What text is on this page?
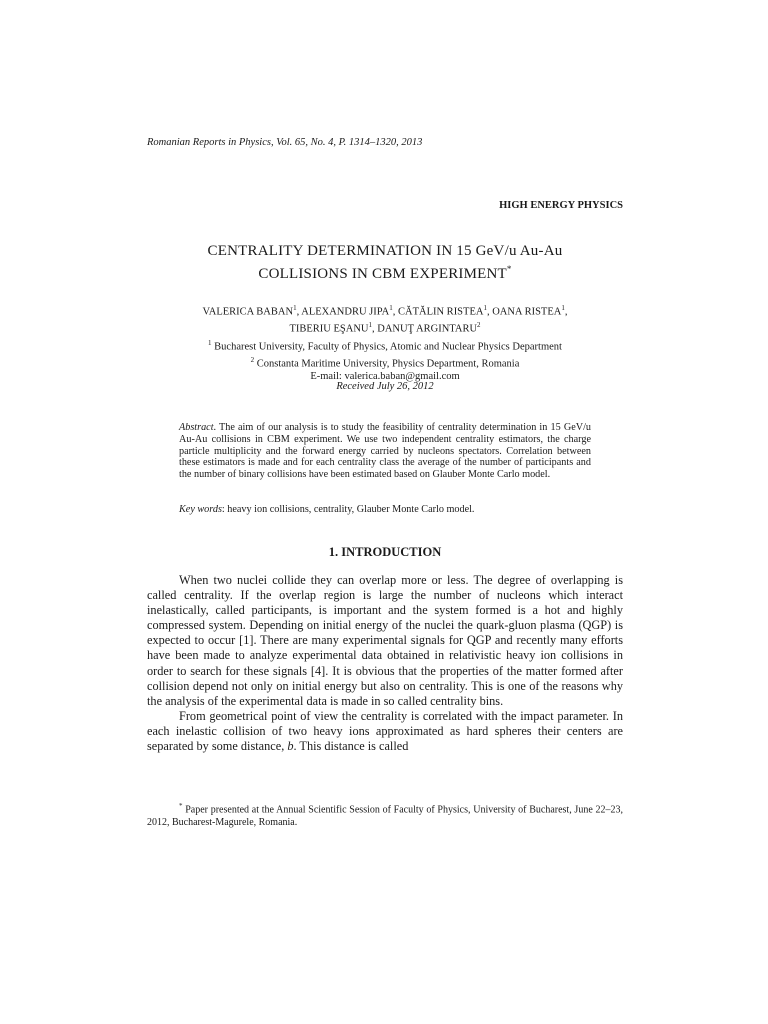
Romanian Reports in Physics, Vol. 65, No. 4, P. 1314–1320, 2013
HIGH ENERGY PHYSICS
CENTRALITY DETERMINATION IN 15 GeV/u Au-Au
COLLISIONS IN CBM EXPERIMENT*
VALERICA BABAN$^1$, ALEXANDRU JIPA$^1$, CĂTĂLIN RISTEA$^1$, OANA RISTEA$^1$,
TIBERIU EŞANU$^1$, DANUŢ ARGINTARU$^2$
$^1$ Bucharest University, Faculty of Physics, Atomic and Nuclear Physics Department
$^2$ Constanta Maritime University, Physics Department, Romania
E-mail: valerica.baban@gmail.com
Received July 26, 2012
Abstract. The aim of our analysis is to study the feasibility of centrality determination in 15 GeV/u Au-Au collisions in CBM experiment. We use two independent centrality estimators, the charge particle multiplicity and the forward energy carried by nucleons spectators. Correlation between these estimators is made and for each centrality class the average of the number of participants and the number of binary collisions have been estimated based on Glauber Monte Carlo model.
Key words: heavy ion collisions, centrality, Glauber Monte Carlo model.
1. INTRODUCTION

When two nuclei collide they can overlap more or less. The degree of overlapping is called centrality. If the overlap region is large the number of nucleons which interact inelastically, called participants, is important and the system formed is a hot and highly compressed system. Depending on initial energy of the nuclei the quark-gluon plasma (QGP) is expected to occur [1]. There are many experimental signals for QGP and recently many efforts have been made to analyze experimental data obtained in relativistic heavy ion collisions in order to search for these signals [4]. It is obvious that the properties of the matter formed after collision depend not only on initial energy but also on centrality. This is one of the reasons why the analysis of the experimental data is made in so called centrality bins.

From geometrical point of view the centrality is correlated with the impact parameter. In each inelastic collision of two heavy ions approximated as hard spheres their centers are separated by some distance, b. This distance is called

* Paper presented at the Annual Scientific Session of Faculty of Physics, University of Bucharest, June 22–23, 2012, Bucharest-Magurele, Romania.
